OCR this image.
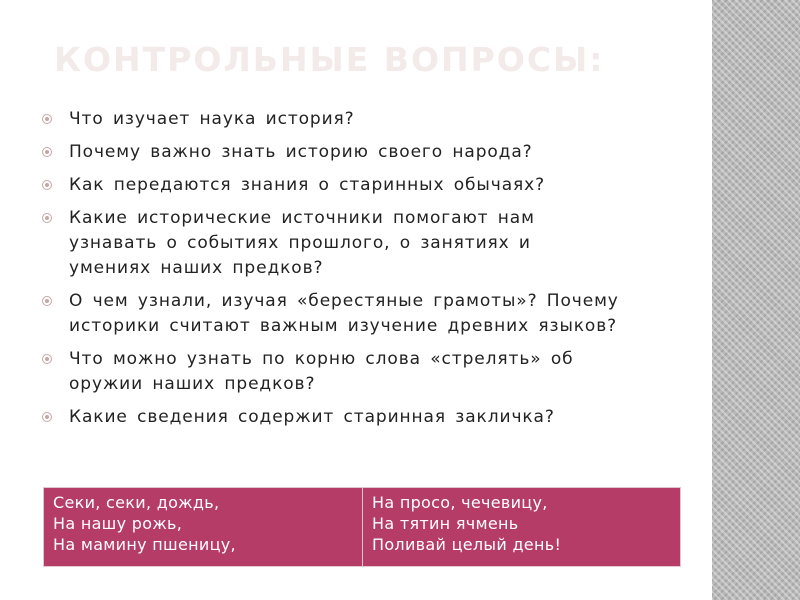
КОНТРОЛЬНЫЕ ВОПРОСЫ:
Что изучает наука история?
Почему важно знать историю своего народа?
Как передаются знания о старинных обычаях?
Какие исторические источники помогают нам узнавать о событиях прошлого, о занятиях и умениях наших предков?
О чем узнали, изучая «берестяные грамоты»? Почему историки считают важным изучение древних языков?
Что можно узнать по корню слова «стрелять» об оружии наших предков?
Какие сведения содержит старинная закличка?
Секи, секи, дождь,
На нашу рожь,
На мамину пшеницу,

На просо, чечевицу,
На тятин ячмень
Поливай целый день!
